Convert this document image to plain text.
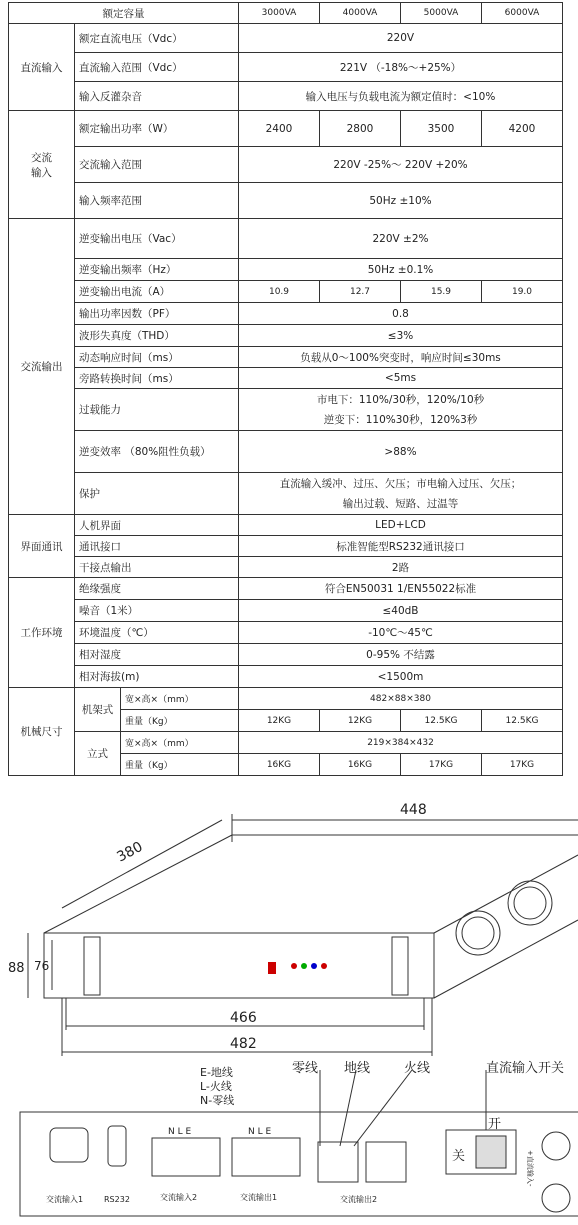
额定容量			3000VA	4000VA	5000VA	6000VA
直流输入	额定直流电压（Vdc）		220V			
	直流输入范围（Vdc）		221V （-18%～+25%）			
	输入反灌杂音		输入电压与负载电流为额定值时：<10%			
交流
输入	额定输出功率（W）		2400	2800	3500	4200
	交流输入范围		220V -25%～ 220V +20%			
	输入频率范围		50Hz ±10%			
交流输出	逆变输出电压（Vac）		220V ±2%			
	逆变输出频率（Hz）		50Hz ±0.1%			
	逆变输出电流（A）		10.9	12.7	15.9	19.0
	输出功率因数（PF）		0.8			
	波形失真度（THD）		≤3%			
	动态响应时间（ms）		负载从0～100%突变时，响应时间≤30ms			
	旁路转换时间（ms）		<5ms			
	过载能力		市电下：110%/30秒，120%/10秒
逆变下：110%30秒，120%3秒			

	逆变效率 （80%阻性负载）		>88%			
	保护		直流输入缓冲、过压、欠压；市电输入过压、欠压；
输出过载、短路、过温等			

界面通讯	人机界面		LED+LCD			
	通讯接口		标准智能型RS232通讯接口			
	干接点输出		2路			
工作环境	绝缘强度		符合EN50031 1/EN55022标准			
	噪音（1米）		≤40dB			
	环境温度（℃）		-10℃～45℃			
	相对湿度		0-95% 不结露			
	相对海拔(m)		<1500m			
机械尺寸	机架式	宽×高×（mm）	482×88×380			
		重量（Kg）	12KG	12KG	12.5KG	12.5KG
	立式	宽×高×（mm）	219×384×432			
		重量（Kg）	16KG	16KG	17KG	17KG
448
380
88 76
466
482
E-地线
L-火线
N-零线
零线 地线	火线	直流输入开关
关
开
交流输入1	RS232	交流输入2	交流输出1	交流输出2
N L E	N L E
+直流输入-
